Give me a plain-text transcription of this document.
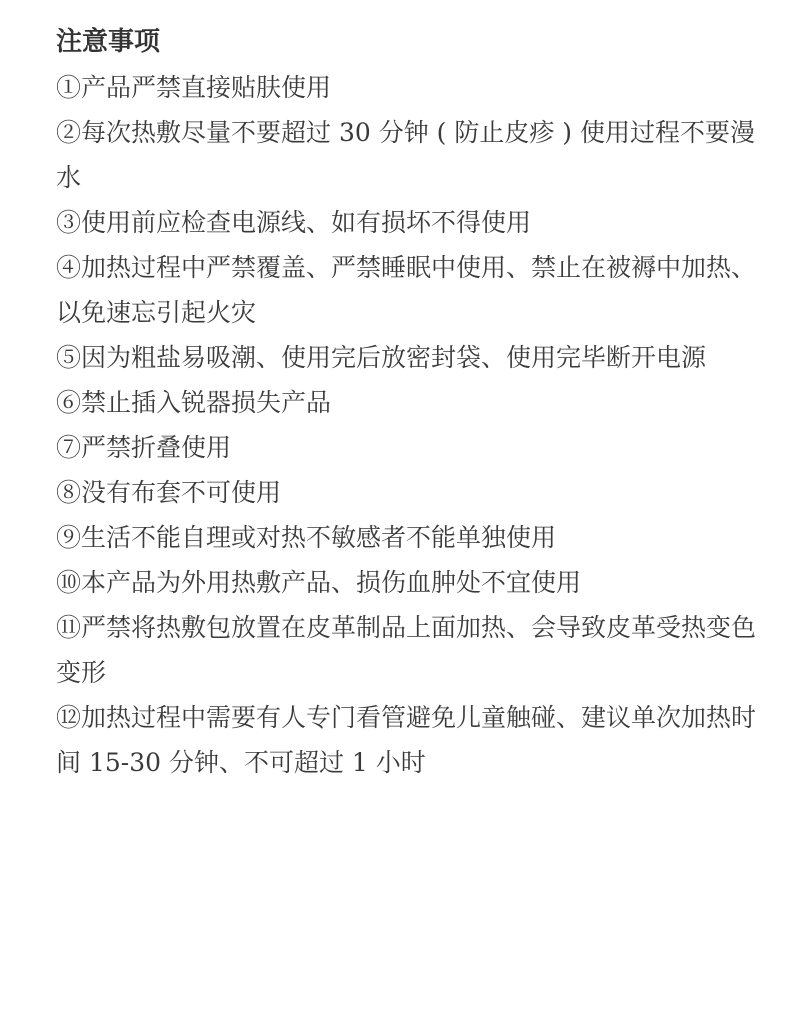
注意事项
①产品严禁直接贴肤使用
②每次热敷尽量不要超过 30 分钟 ( 防止皮疹 ) 使用过程不要漫水
③使用前应检查电源线、如有损坏不得使用
④加热过程中严禁覆盖、严禁睡眠中使用、禁止在被褥中加热、以免速忘引起火灾
⑤因为粗盐易吸潮、使用完后放密封袋、使用完毕断开电源
⑥禁止插入锐器损失产品
⑦严禁折叠使用
⑧没有布套不可使用
⑨生活不能自理或对热不敏感者不能单独使用
⑩本产品为外用热敷产品、损伤血肿处不宜使用
⑪严禁将热敷包放置在皮革制品上面加热、会导致皮革受热变色变形
⑫加热过程中需要有人专门看管避免儿童触碰、建议单次加热时间 15-30 分钟、不可超过 1 小时
